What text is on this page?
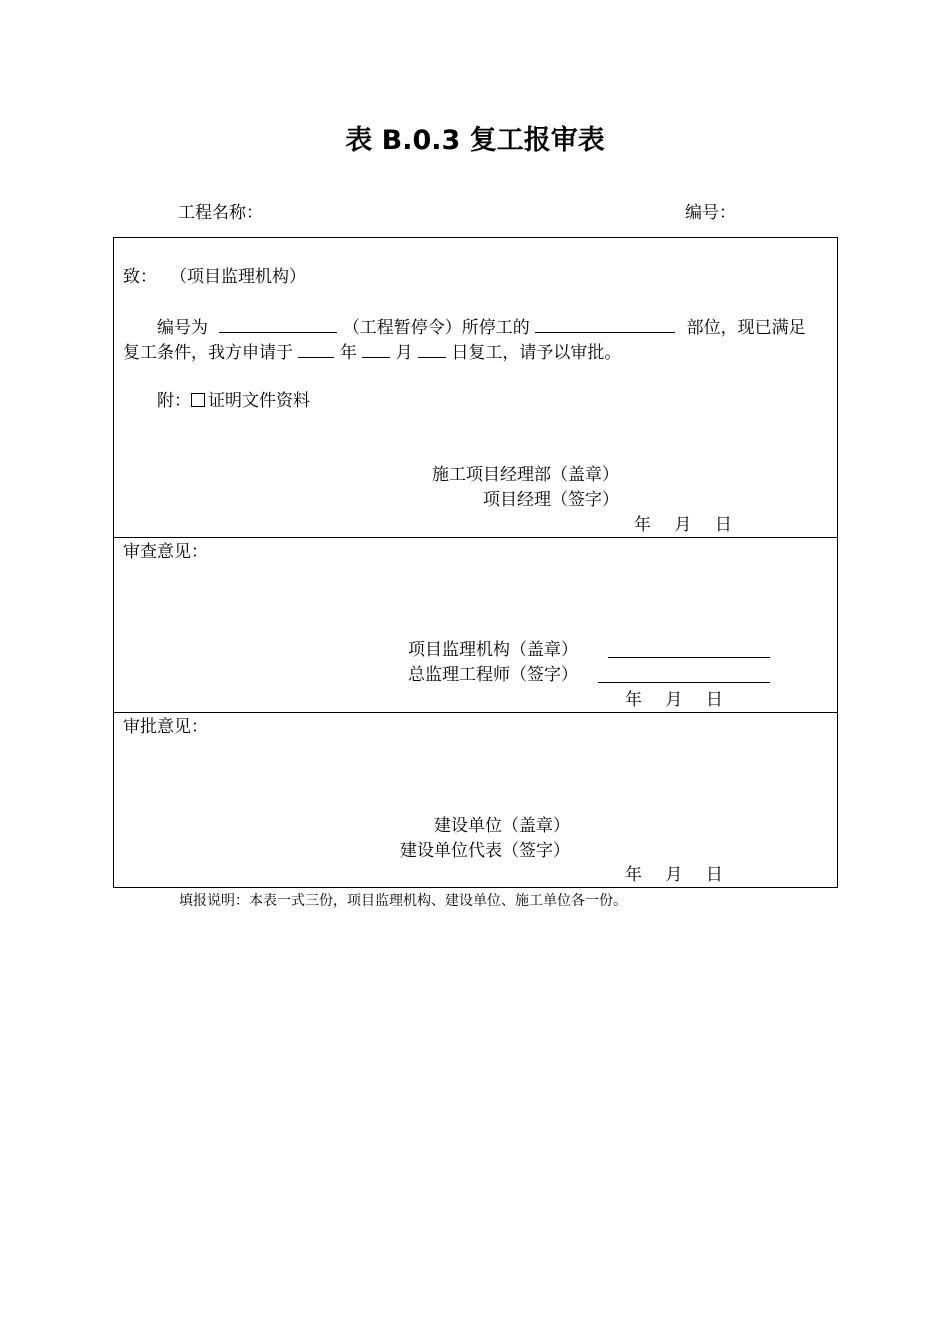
表 B.0.3 复工报审表
工程名称：	编号：
致： （项目监理机构）
编号为	（工程暂停令）所停工的	部位，现已满足
复工条件，我方申请于	年 月 日复工，请予以审批。
附： 证明文件资料
施工项目经理部（盖章）
项目经理（签字）
年 月 日
审查意见：
项目监理机构（盖章）
总监理工程师（签字）
年 月 日
审批意见：
建设单位（盖章）
建设单位代表（签字）
年 月 日
填报说明：本表一式三份，项目监理机构、建设单位、施工单位各一份。
